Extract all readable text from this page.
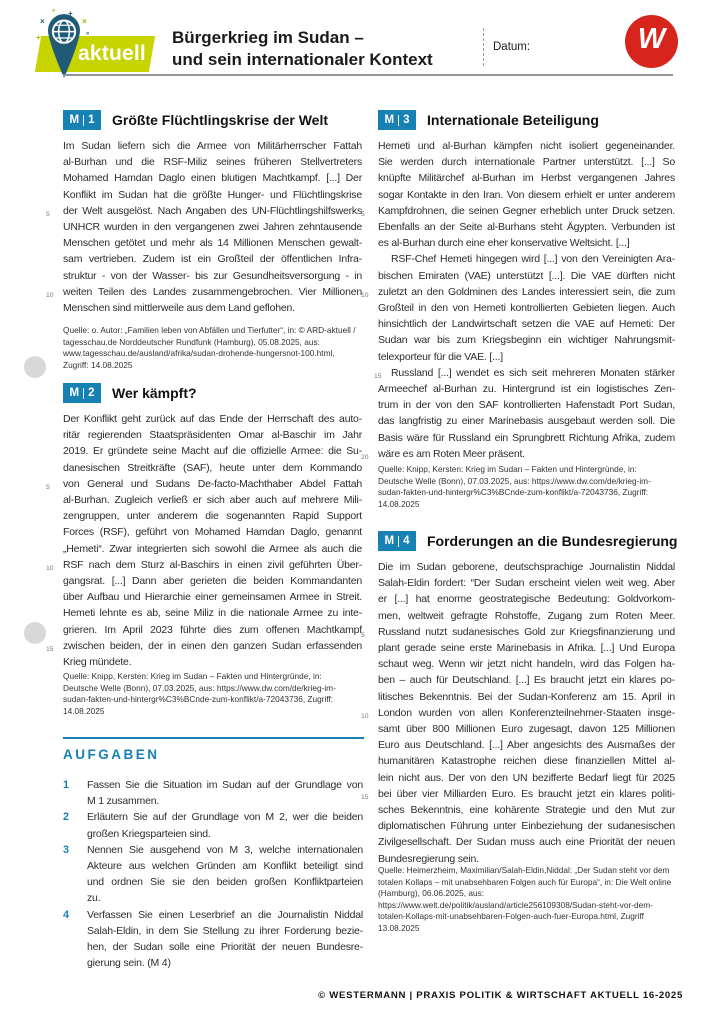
×
° +
×
°
+
aktuell
Bürgerkrieg im Sudan –
und sein internationaler Kontext
Datum:	W
M 1 Größte Flüchtlingskrise der Welt
Im Sudan liefern sich die Armee von Militärherrscher Fattah
al-Burhan und die RSF-Miliz seines früheren Stellvertreters
Mohamed Hamdan Daglo einen blutigen Machtkampf. [...] Der
Konflikt im Sudan hat die größte Hunger- und Flüchtlingskrise
der Welt ausgelöst. Nach Angaben des UN-Flüchtlingshilfswerks
5
UNHCR wurden in den vergangenen zwei Jahren zehntausende
Menschen getötet und mehr als 14 Millionen Menschen gewalt-
sam vertrieben. Zudem ist ein Großteil der öffentlichen Infra-
struktur - von der Wasser- bis zur Gesundheitsversorgung - in
weiten Teilen des Landes zusammengebrochen. Vier Millionen
10
Menschen sind mittlerweile aus dem Land geflohen.
Quelle: o. Autor: „Familien leben von Abfällen und Tierfutter“, in: © ARD-aktuell / tagesschau.de Norddeutscher Rundfunk (Hamburg), 05.08.2025, aus: www.tagesschau.de/ausland/afrika/sudan-drohende-hungersnot-100.html, Zugriff: 14.08.2025
M 2 Wer kämpft?
Der Konflikt geht zurück auf das Ende der Herrschaft des auto-
ritär regierenden Staatspräsidenten Omar al-Baschir im Jahr
2019. Er gründete seine Macht auf die offizielle Armee: die Su-
danesischen Streitkräfte (SAF), heute unter dem Kommando
von General und Sudans De-facto-Machthaber Abdel Fattah
5
al-Burhan. Zugleich verließ er sich aber auch auf mehrere Mili-
zengruppen, unter anderem die sogenannten Rapid Support
Forces (RSF), geführt von Mohamed Hamdan Daglo, genannt
„Hemeti“. Zwar integrierten sich sowohl die Armee als auch die
RSF nach dem Sturz al-Baschirs in einen zivil geführten Über-
10
gangsrat. [...] Dann aber gerieten die beiden Kommandanten
über Aufbau und Hierarchie einer gemeinsamen Armee in Streit.
Hemeti lehnte es ab, seine Miliz in die nationale Armee zu inte-
grieren. Im April 2023 führte dies zum offenen Machtkampf
zwischen beiden, der in einen den ganzen Sudan erfassenden
15
Krieg mündete.
Quelle: Knipp, Kersten: Krieg im Sudan – Fakten und Hintergründe, in: Deutsche Welle (Bonn), 07.03.2025, aus: https://www.dw.com/de/krieg-im-sudan-fakten-und-hintergr%C3%BCnde-zum-konflikt/a-72043736, Zugriff: 14.08.2025
AUFGABEN
1	Fassen Sie die Situation im Sudan auf der Grundlage von
M 1 zusammen.
2	Erläutern Sie auf der Grundlage von M 2, wer die beiden
großen Kriegsparteien sind.
3	Nennen Sie ausgehend von M 3, welche internationalen
Akteure aus welchen Gründen am Konflikt beteiligt sind
und ordnen Sie sie den beiden großen Konfliktparteien
zu.
4	Verfassen Sie einen Leserbrief an die Journalistin Niddal
Salah-Eldin, in dem Sie Stellung zu ihrer Forderung bezie-
hen, der Sudan solle eine Priorität der neuen Bundesre-
gierung sein. (M 4)
M 3 Internationale Beteiligung
Hemeti und al-Burhan kämpfen nicht isoliert gegeneinander.
Sie werden durch internationale Partner unterstützt. [...] So
knüpfte Militärchef al-Burhan im Herbst vergangenen Jahres
sogar Kontakte in den Iran. Von diesem erhielt er unter anderem
Kampfdrohnen, die seinen Gegner erheblich unter Druck setzen.
5
Ebenfalls an der Seite al-Burhans steht Ägypten. Verbunden ist
es al-Burhan durch eine eher konservative Weltsicht. [...]
RSF-Chef Hemeti hingegen wird [...] von den Vereinigten Ara-
bischen Emiraten (VAE) unterstützt [...]. Die VAE dürften nicht
zuletzt an den Goldminen des Landes interessiert sein, die zum
10
Großteil in den von Hemeti kontrollierten Gebieten liegen. Auch
hinsichtlich der Landwirtschaft setzen die VAE auf Hemeti: Der
Sudan war bis zum Kriegsbeginn ein wichtiger Nahrungsmit-
telexporteur für die VAE. [...]
Russland [...] wendet es sich seit mehreren Monaten stärker
15
Armeechef al-Burhan zu. Hintergrund ist ein logistisches Zen-
trum in der von den SAF kontrollierten Hafenstadt Port Sudan,
das langfristig zu einer Marinebasis ausgebaut werden soll. Die
Basis wäre für Russland ein Sprungbrett Richtung Afrika, zudem
wäre es am Roten Meer präsent.
20
Quelle: Knipp, Kersten: Krieg im Sudan – Fakten und Hintergründe, in: Deutsche Welle (Bonn), 07.03.2025, aus: https://www.dw.com/de/krieg-im-sudan-fakten-und-hintergr%C3%BCnde-zum-konflikt/a-72043736, Zugriff: 14.08.2025
M 4 Forderungen an die Bundesregierung
Die im Sudan geborene, deutschsprachige Journalistin Niddal
Salah-Eldin fordert: “Der Sudan erscheint vielen weit weg. Aber
er [...] hat enorme geostrategische Bedeutung: Goldvorkom-
men, weltweit gefragte Rohstoffe, Zugang zum Roten Meer.
Russland nutzt sudanesisches Gold zur Kriegsfinanzierung und
5
plant gerade seine erste Marinebasis in Afrika. [...] Und Europa
schaut weg. Wenn wir jetzt nicht handeln, wird das Folgen ha-
ben – auch für Deutschland. [...] Es braucht jetzt ein klares po-
litisches Bekenntnis. Bei der Sudan-Konferenz am 15. April in
London wurden von allen Konferenzteilnehmer-Staaten insge-
10
samt über 800 Millionen Euro zugesagt, davon 125 Millionen
Euro aus Deutschland. [...] Aber angesichts des Ausmaßes der
humanitären Katastrophe reichen diese finanziellen Mittel al-
lein nicht aus. Der von den UN bezifferte Bedarf liegt für 2025
bei über vier Milliarden Euro. Es braucht jetzt ein klares politi-
15
sches Bekenntnis, eine kohärente Strategie und den Mut zur
diplomatischen Führung unter Einbeziehung der sudanesischen
Zivilgesellschaft. Der Sudan muss auch eine Priorität der neuen
Bundesregierung sein.
Quelle: Heimerzheim, Maximilian/Salah-Eldin,Niddal: „Der Sudan steht vor dem totalen Kollaps – mit unabsehbaren Folgen auch für Europa“, in: Die Welt online (Hamburg), 06.06.2025, aus: https://www.welt.de/politik/ausland/article256109308/Sudan-steht-vor-dem-totalen-Kollaps-mit-unabsehbaren-Folgen-auch-fuer-Europa.html, Zugriff 13.08.2025
© WESTERMANN | PRAXIS POLITIK & WIRTSCHAFT AKTUELL 16-2025
